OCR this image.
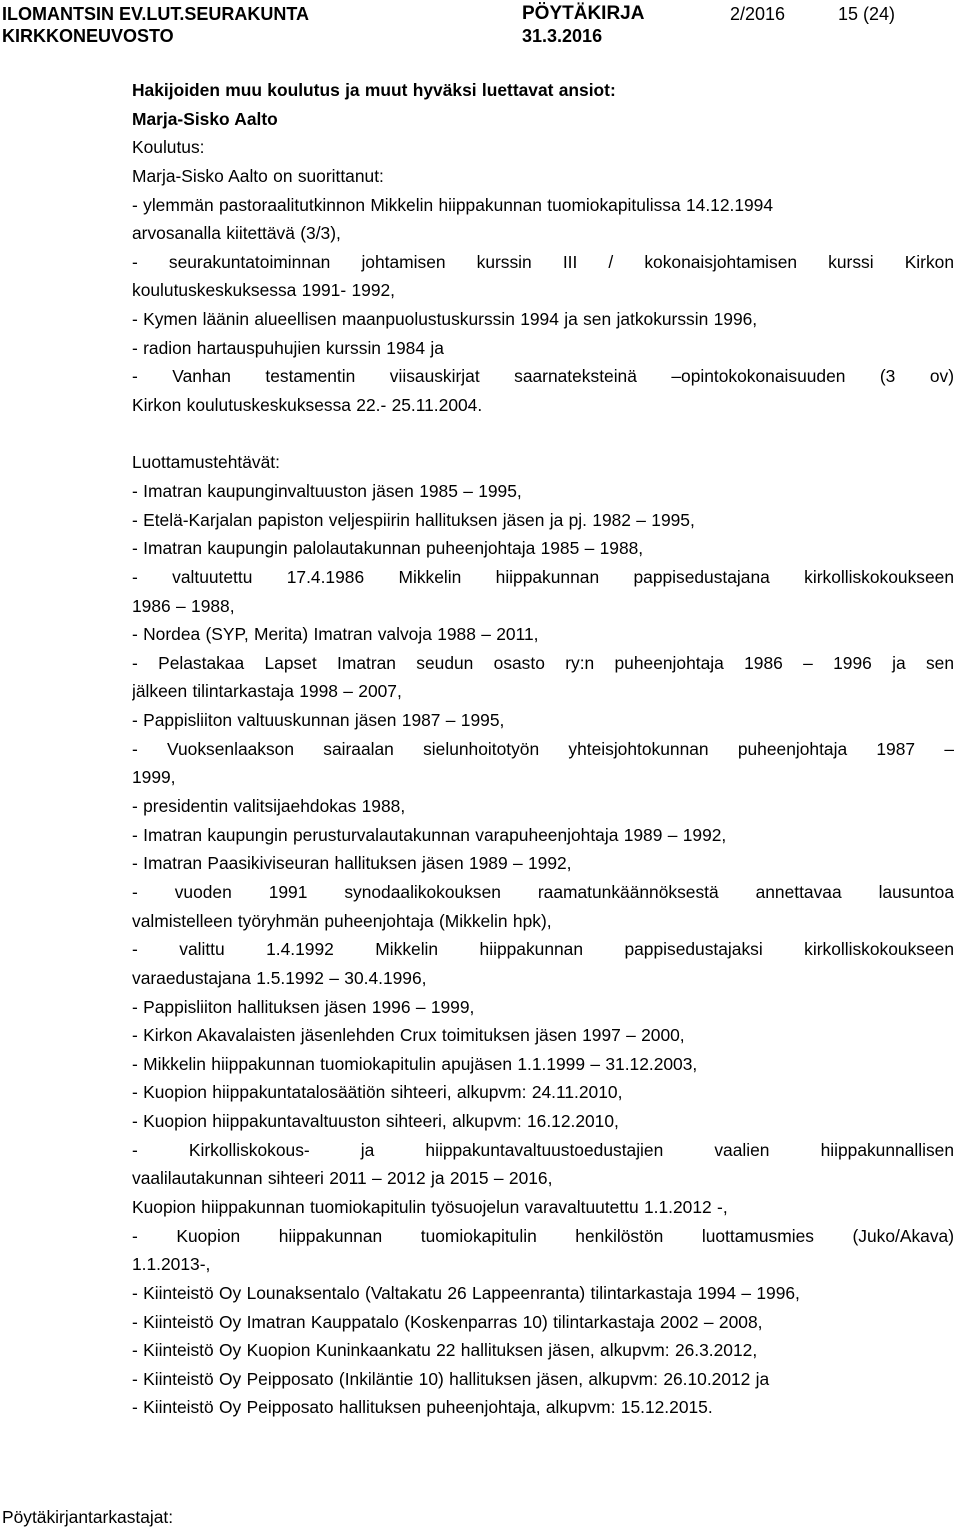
ILOMANTSIN EV.LUT.SEURAKUNTA
KIRKKONEUVOSTO
PÖYTÄKIRJA
31.3.2016
2/2016	15 (24)
Hakijoiden muu koulutus ja muut hyväksi luettavat ansiot:
Marja-Sisko Aalto
Koulutus:
Marja-Sisko Aalto on suorittanut:
- ylemmän pastoraalitutkinnon Mikkelin hiippakunnan tuomiokapitulissa 14.12.1994
arvosanalla kiitettävä (3/3),
- seurakuntatoiminnan johtamisen kurssin III / kokonaisjohtamisen kurssi Kirkon
koulutuskeskuksessa 1991- 1992,
- Kymen läänin alueellisen maanpuolustuskurssin 1994 ja sen jatkokurssin 1996,
- radion hartauspuhujien kurssin 1984 ja
- Vanhan testamentin viisauskirjat saarnateksteinä –opintokokonaisuuden (3 ov)
Kirkon koulutuskeskuksessa 22.- 25.11.2004.
Luottamustehtävät:
- Imatran kaupunginvaltuuston jäsen 1985 – 1995,
- Etelä-Karjalan papiston veljespiirin hallituksen jäsen ja pj. 1982 – 1995,
- Imatran kaupungin palolautakunnan puheenjohtaja 1985 – 1988,
- valtuutettu 17.4.1986 Mikkelin hiippakunnan pappisedustajana kirkolliskokoukseen
1986 – 1988,
- Nordea (SYP, Merita) Imatran valvoja 1988 – 2011,
- Pelastakaa Lapset Imatran seudun osasto ry:n puheenjohtaja 1986 – 1996 ja sen
jälkeen tilintarkastaja 1998 – 2007,
- Pappisliiton valtuuskunnan jäsen 1987 – 1995,
- Vuoksenlaakson sairaalan sielunhoitotyön yhteisjohtokunnan puheenjohtaja 1987 –
1999,
- presidentin valitsijaehdokas 1988,
- Imatran kaupungin perusturvalautakunnan varapuheenjohtaja 1989 – 1992,
- Imatran Paasikiviseuran hallituksen jäsen 1989 – 1992,
- vuoden 1991 synodaalikokouksen raamatunkäännöksestä annettavaa lausuntoa
valmistelleen työryhmän puheenjohtaja (Mikkelin hpk),
- valittu 1.4.1992 Mikkelin hiippakunnan pappisedustajaksi kirkolliskokoukseen
varaedustajana 1.5.1992 – 30.4.1996,
- Pappisliiton hallituksen jäsen 1996 – 1999,
- Kirkon Akavalaisten jäsenlehden Crux toimituksen jäsen 1997 – 2000,
- Mikkelin hiippakunnan tuomiokapitulin apujäsen 1.1.1999 – 31.12.2003,
- Kuopion hiippakuntatalosäätiön sihteeri, alkupvm: 24.11.2010,
- Kuopion hiippakuntavaltuuston sihteeri, alkupvm: 16.12.2010,
- Kirkolliskokous- ja hiippakuntavaltuustoedustajien vaalien hiippakunnallisen
vaalilautakunnan sihteeri 2011 – 2012 ja 2015 – 2016,
Kuopion hiippakunnan tuomiokapitulin työsuojelun varavaltuutettu 1.1.2012 -,
- Kuopion hiippakunnan tuomiokapitulin henkilöstön luottamusmies (Juko/Akava)
1.1.2013-,
- Kiinteistö Oy Lounaksentalo (Valtakatu 26 Lappeenranta) tilintarkastaja 1994 – 1996,
- Kiinteistö Oy Imatran Kauppatalo (Koskenparras 10) tilintarkastaja 2002 – 2008,
- Kiinteistö Oy Kuopion Kuninkaankatu 22 hallituksen jäsen, alkupvm: 26.3.2012,
- Kiinteistö Oy Peipposato (Inkiläntie 10) hallituksen jäsen, alkupvm: 26.10.2012 ja
- Kiinteistö Oy Peipposato hallituksen puheenjohtaja, alkupvm: 15.12.2015.
Pöytäkirjantarkastajat:
